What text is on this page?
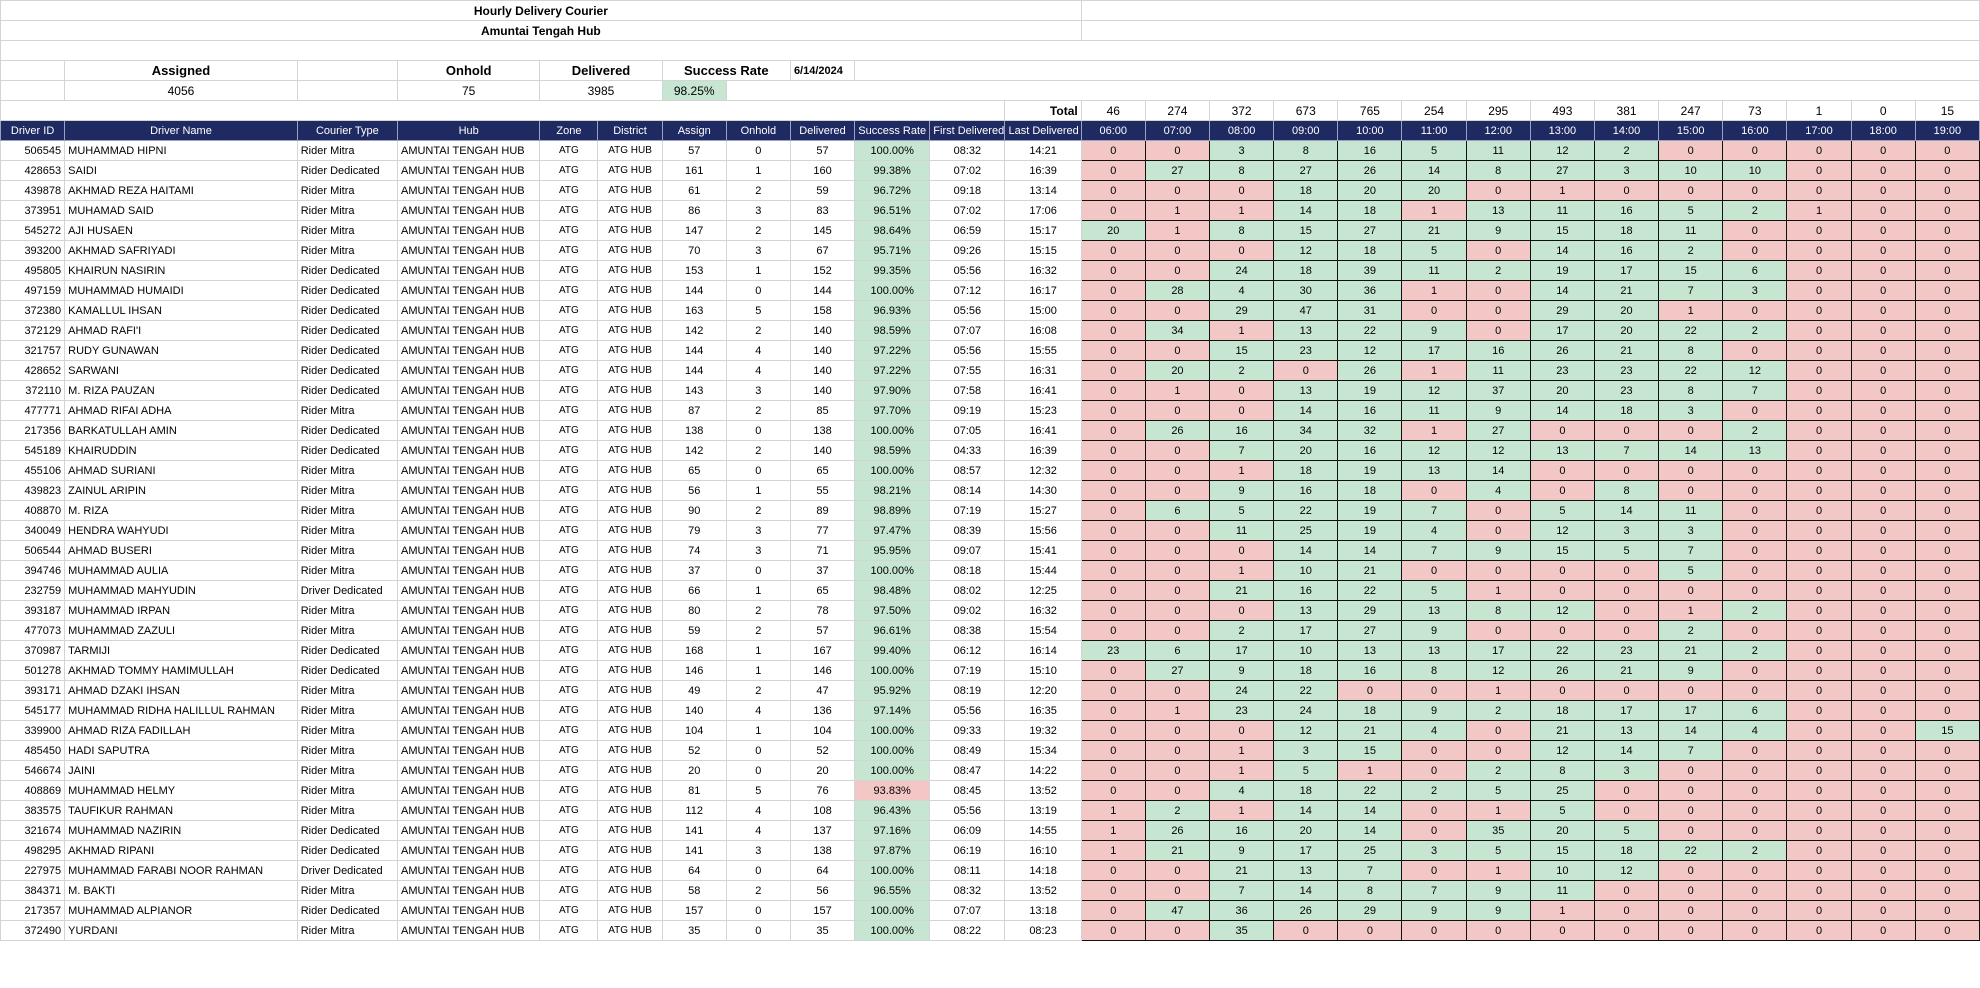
Hourly Delivery Courier																									
Amuntai Tengah Hub																									

	Assigned		Onhold	Delivered		Success Rate		6/14/2024																	
	4056		75	3985		98.25%																			
											Total	46	274	372	673	765	254	295	493	381	247	73	1	0	15
Driver ID	Driver Name	Courier Type	Hub	Zone	District	Assign	Onhold	Delivered	Success Rate	First Delivered	Last Delivered	06:00	07:00	08:00	09:00	10:00	11:00	12:00	13:00	14:00	15:00	16:00	17:00	18:00	19:00
506545	MUHAMMAD HIPNI	Rider Mitra	AMUNTAI TENGAH HUB	ATG	ATG HUB	57	0	57	100.00%	08:32	14:21	0	0	3	8	16	5	11	12	2	0	0	0	0	0
428653	SAIDI	Rider Dedicated	AMUNTAI TENGAH HUB	ATG	ATG HUB	161	1	160	99.38%	07:02	16:39	0	27	8	27	26	14	8	27	3	10	10	0	0	0
439878	AKHMAD REZA HAITAMI	Rider Mitra	AMUNTAI TENGAH HUB	ATG	ATG HUB	61	2	59	96.72%	09:18	13:14	0	0	0	18	20	20	0	1	0	0	0	0	0	0
373951	MUHAMAD SAID	Rider Mitra	AMUNTAI TENGAH HUB	ATG	ATG HUB	86	3	83	96.51%	07:02	17:06	0	1	1	14	18	1	13	11	16	5	2	1	0	0
545272	AJI HUSAEN	Rider Mitra	AMUNTAI TENGAH HUB	ATG	ATG HUB	147	2	145	98.64%	06:59	15:17	20	1	8	15	27	21	9	15	18	11	0	0	0	0
393200	AKHMAD SAFRIYADI	Rider Mitra	AMUNTAI TENGAH HUB	ATG	ATG HUB	70	3	67	95.71%	09:26	15:15	0	0	0	12	18	5	0	14	16	2	0	0	0	0
495805	KHAIRUN NASIRIN	Rider Dedicated	AMUNTAI TENGAH HUB	ATG	ATG HUB	153	1	152	99.35%	05:56	16:32	0	0	24	18	39	11	2	19	17	15	6	0	0	0
497159	MUHAMMAD HUMAIDI	Rider Dedicated	AMUNTAI TENGAH HUB	ATG	ATG HUB	144	0	144	100.00%	07:12	16:17	0	28	4	30	36	1	0	14	21	7	3	0	0	0
372380	KAMALLUL IHSAN	Rider Dedicated	AMUNTAI TENGAH HUB	ATG	ATG HUB	163	5	158	96.93%	05:56	15:00	0	0	29	47	31	0	0	29	20	1	0	0	0	0
372129	AHMAD RAFI'I	Rider Dedicated	AMUNTAI TENGAH HUB	ATG	ATG HUB	142	2	140	98.59%	07:07	16:08	0	34	1	13	22	9	0	17	20	22	2	0	0	0
321757	RUDY GUNAWAN	Rider Dedicated	AMUNTAI TENGAH HUB	ATG	ATG HUB	144	4	140	97.22%	05:56	15:55	0	0	15	23	12	17	16	26	21	8	0	0	0	0
428652	SARWANI	Rider Dedicated	AMUNTAI TENGAH HUB	ATG	ATG HUB	144	4	140	97.22%	07:55	16:31	0	20	2	0	26	1	11	23	23	22	12	0	0	0
372110	M. RIZA PAUZAN	Rider Dedicated	AMUNTAI TENGAH HUB	ATG	ATG HUB	143	3	140	97.90%	07:58	16:41	0	1	0	13	19	12	37	20	23	8	7	0	0	0
477771	AHMAD RIFAI ADHA	Rider Mitra	AMUNTAI TENGAH HUB	ATG	ATG HUB	87	2	85	97.70%	09:19	15:23	0	0	0	14	16	11	9	14	18	3	0	0	0	0
217356	BARKATULLAH AMIN	Rider Dedicated	AMUNTAI TENGAH HUB	ATG	ATG HUB	138	0	138	100.00%	07:05	16:41	0	26	16	34	32	1	27	0	0	0	2	0	0	0
545189	KHAIRUDDIN	Rider Dedicated	AMUNTAI TENGAH HUB	ATG	ATG HUB	142	2	140	98.59%	04:33	16:39	0	0	7	20	16	12	12	13	7	14	13	0	0	0
455106	AHMAD SURIANI	Rider Mitra	AMUNTAI TENGAH HUB	ATG	ATG HUB	65	0	65	100.00%	08:57	12:32	0	0	1	18	19	13	14	0	0	0	0	0	0	0
439823	ZAINUL ARIPIN	Rider Mitra	AMUNTAI TENGAH HUB	ATG	ATG HUB	56	1	55	98.21%	08:14	14:30	0	0	9	16	18	0	4	0	8	0	0	0	0	0
408870	M. RIZA	Rider Mitra	AMUNTAI TENGAH HUB	ATG	ATG HUB	90	2	89	98.89%	07:19	15:27	0	6	5	22	19	7	0	5	14	11	0	0	0	0
340049	HENDRA WAHYUDI	Rider Mitra	AMUNTAI TENGAH HUB	ATG	ATG HUB	79	3	77	97.47%	08:39	15:56	0	0	11	25	19	4	0	12	3	3	0	0	0	0
506544	AHMAD BUSERI	Rider Mitra	AMUNTAI TENGAH HUB	ATG	ATG HUB	74	3	71	95.95%	09:07	15:41	0	0	0	14	14	7	9	15	5	7	0	0	0	0
394746	MUHAMMAD AULIA	Rider Mitra	AMUNTAI TENGAH HUB	ATG	ATG HUB	37	0	37	100.00%	08:18	15:44	0	0	1	10	21	0	0	0	0	5	0	0	0	0
232759	MUHAMMAD MAHYUDIN	Driver Dedicated	AMUNTAI TENGAH HUB	ATG	ATG HUB	66	1	65	98.48%	08:02	12:25	0	0	21	16	22	5	1	0	0	0	0	0	0	0
393187	MUHAMMAD IRPAN	Rider Mitra	AMUNTAI TENGAH HUB	ATG	ATG HUB	80	2	78	97.50%	09:02	16:32	0	0	0	13	29	13	8	12	0	1	2	0	0	0
477073	MUHAMMAD ZAZULI	Rider Mitra	AMUNTAI TENGAH HUB	ATG	ATG HUB	59	2	57	96.61%	08:38	15:54	0	0	2	17	27	9	0	0	0	2	0	0	0	0
370987	TARMIJI	Rider Dedicated	AMUNTAI TENGAH HUB	ATG	ATG HUB	168	1	167	99.40%	06:12	16:14	23	6	17	10	13	13	17	22	23	21	2	0	0	0
501278	AKHMAD TOMMY HAMIMULLAH	Rider Dedicated	AMUNTAI TENGAH HUB	ATG	ATG HUB	146	1	146	100.00%	07:19	15:10	0	27	9	18	16	8	12	26	21	9	0	0	0	0
393171	AHMAD DZAKI IHSAN	Rider Mitra	AMUNTAI TENGAH HUB	ATG	ATG HUB	49	2	47	95.92%	08:19	12:20	0	0	24	22	0	0	1	0	0	0	0	0	0	0
545177	MUHAMMAD RIDHA HALILLUL RAHMAN	Rider Mitra	AMUNTAI TENGAH HUB	ATG	ATG HUB	140	4	136	97.14%	05:56	16:35	0	1	23	24	18	9	2	18	17	17	6	0	0	0
339900	AHMAD RIZA FADILLAH	Rider Mitra	AMUNTAI TENGAH HUB	ATG	ATG HUB	104	1	104	100.00%	09:33	19:32	0	0	0	12	21	4	0	21	13	14	4	0	0	15
485450	HADI SAPUTRA	Rider Mitra	AMUNTAI TENGAH HUB	ATG	ATG HUB	52	0	52	100.00%	08:49	15:34	0	0	1	3	15	0	0	12	14	7	0	0	0	0
546674	JAINI	Rider Mitra	AMUNTAI TENGAH HUB	ATG	ATG HUB	20	0	20	100.00%	08:47	14:22	0	0	1	5	1	0	2	8	3	0	0	0	0	0
408869	MUHAMMAD HELMY	Rider Mitra	AMUNTAI TENGAH HUB	ATG	ATG HUB	81	5	76	93.83%	08:45	13:52	0	0	4	18	22	2	5	25	0	0	0	0	0	0
383575	TAUFIKUR RAHMAN	Rider Mitra	AMUNTAI TENGAH HUB	ATG	ATG HUB	112	4	108	96.43%	05:56	13:19	1	2	1	14	14	0	1	5	0	0	0	0	0	0
321674	MUHAMMAD NAZIRIN	Rider Dedicated	AMUNTAI TENGAH HUB	ATG	ATG HUB	141	4	137	97.16%	06:09	14:55	1	26	16	20	14	0	35	20	5	0	0	0	0	0
498295	AKHMAD RIPANI	Rider Dedicated	AMUNTAI TENGAH HUB	ATG	ATG HUB	141	3	138	97.87%	06:19	16:10	1	21	9	17	25	3	5	15	18	22	2	0	0	0
227975	MUHAMMAD FARABI NOOR RAHMAN	Driver Dedicated	AMUNTAI TENGAH HUB	ATG	ATG HUB	64	0	64	100.00%	08:11	14:18	0	0	21	13	7	0	1	10	12	0	0	0	0	0
384371	M. BAKTI	Rider Mitra	AMUNTAI TENGAH HUB	ATG	ATG HUB	58	2	56	96.55%	08:32	13:52	0	0	7	14	8	7	9	11	0	0	0	0	0	0
217357	MUHAMMAD ALPIANOR	Rider Dedicated	AMUNTAI TENGAH HUB	ATG	ATG HUB	157	0	157	100.00%	07:07	13:18	0	47	36	26	29	9	9	1	0	0	0	0	0	0
372490	YURDANI	Rider Mitra	AMUNTAI TENGAH HUB	ATG	ATG HUB	35	0	35	100.00%	08:22	08:23	0	0	35	0	0	0	0	0	0	0	0	0	0	0
